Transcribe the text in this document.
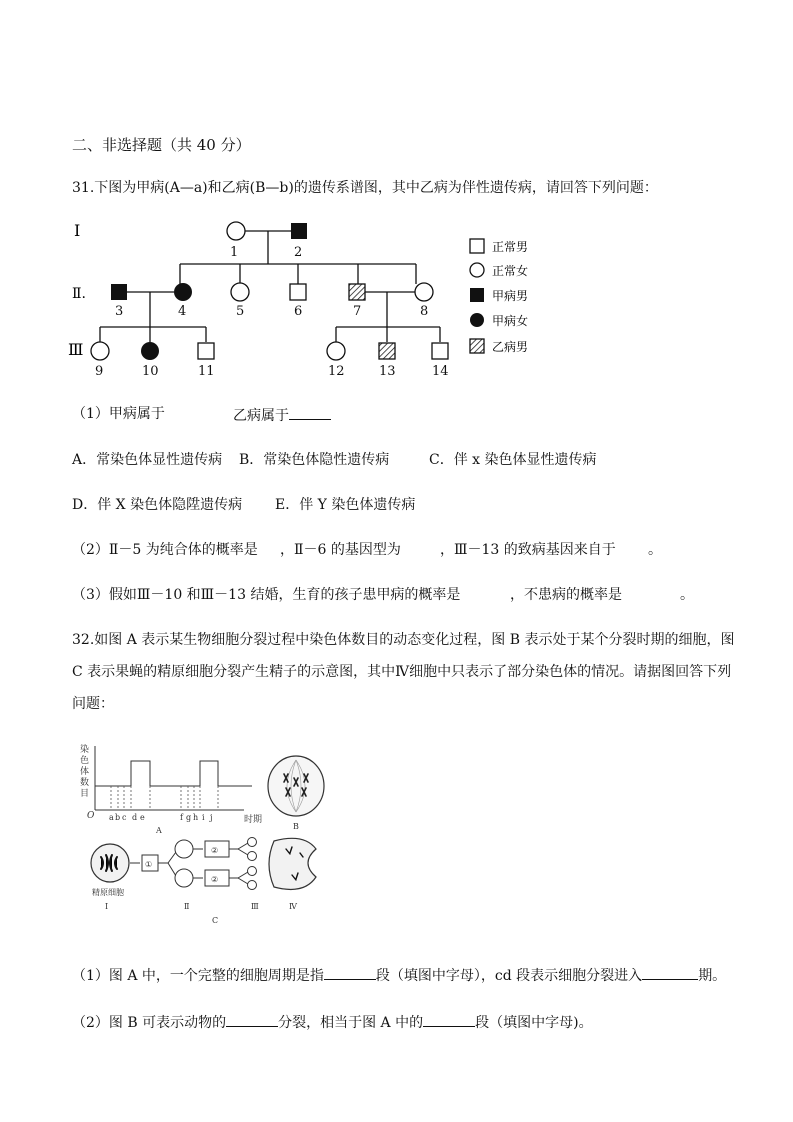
二、非选择题（共 40 分）
31.下图为甲病(A—a)和乙病(B—b)的遗传系谱图，其中乙病为伴性遗传病，请回答下列问题：
Ⅰ
Ⅱ.
Ⅲ
1	2
3	4	5	6	7	8
9	10	11	12	13	14
正常男
正常女
甲病男
甲病女
乙病男
（1）甲病属于	乙病属于
A．常染色体显性遗传病 B．常染色体隐性遗传病	C．伴 x 染色体显性遗传病
D．伴 X 染色体隐陞遗传病 E．伴 Y 染色体遗传病
（2）Ⅱ－5 为纯合体的概率是 ，Ⅱ－6 的基因型为	，Ⅲ－13 的致病基因来自于 。
（3）假如Ⅲ－10 和Ⅲ－13 结婚，生育的孩子患甲病的概率是	，不患病的概率是	。
32.如图 A 表示某生物细胞分裂过程中染色体数目的动态变化过程，图 B 表示处于某个分裂时期的细胞，图
C 表示果蝇的精原细胞分裂产生精子的示意图，其中Ⅳ细胞中只表示了部分染色体的情况。请据图回答下列
问题：
染
色
体
数
目
O	时期
a b c d e	f g h i j
A	B
①
②
②
精原细胞
Ⅰ	Ⅱ	Ⅲ	Ⅳ
C
（1）图 A 中，一个完整的细胞周期是指	段（填图中字母），cd 段表示细胞分裂进入	期。
（2）图 B 可表示动物的	分裂，相当于图 A 中的	段（填图中字母)。
